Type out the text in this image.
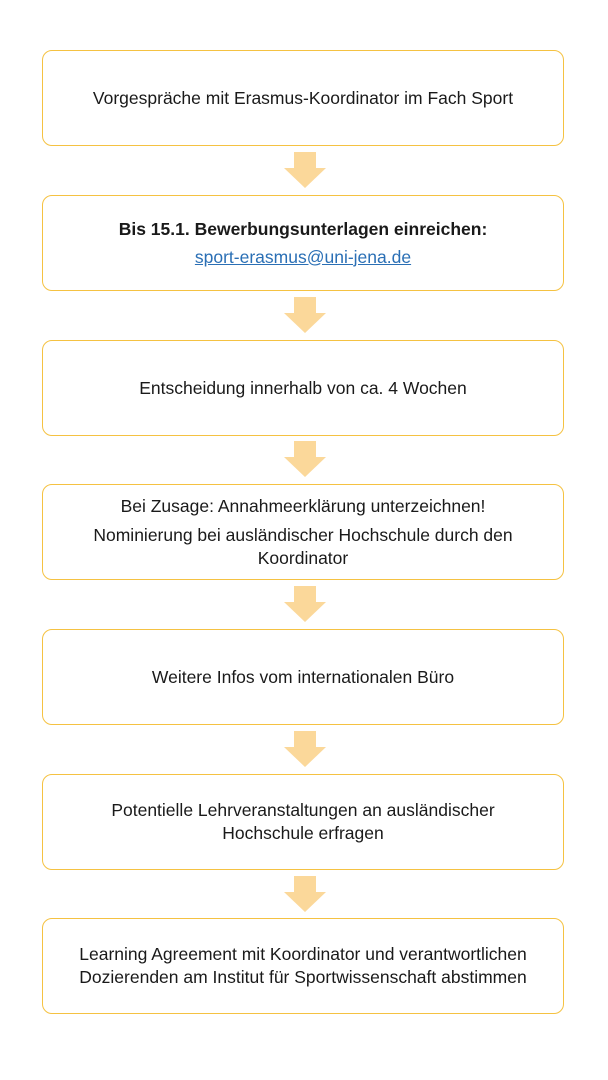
Vorgespräche mit Erasmus-Koordinator im Fach Sport
Bis 15.1. Bewerbungsunterlagen einreichen:
sport-erasmus@uni-jena.de
Entscheidung innerhalb von ca. 4 Wochen
Bei Zusage: Annahmeerklärung unterzeichnen!
Nominierung bei ausländischer Hochschule durch den
Koordinator
Weitere Infos vom internationalen Büro
Potentielle Lehrveranstaltungen an ausländischer
Hochschule erfragen
Learning Agreement mit Koordinator und verantwortlichen
Dozierenden am Institut für Sportwissenschaft abstimmen
